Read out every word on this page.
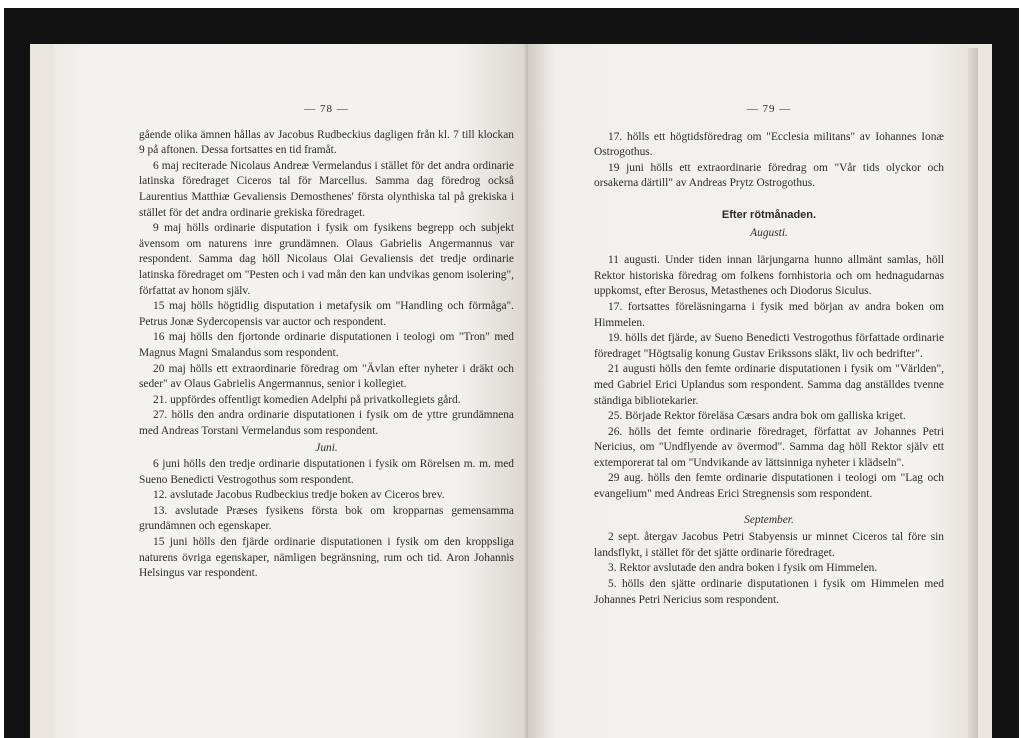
— 78 —

gående olika ämnen hållas av Jacobus Rudbeckius dagligen från kl. 7 till klockan 9 på aftonen. Dessa fortsattes en tid framåt.

6 maj reciterade Nicolaus Andreæ Vermelandus i stället för det andra ordinarie latinska föredraget Ciceros tal för Marcellus. Samma dag föredrog också Laurentius Matthiæ Gevaliensis Demosthenes' första olynthiska tal på grekiska i stället för det andra ordinarie grekiska föredraget.

9 maj hölls ordinarie disputation i fysik om fysikens begrepp och subjekt ävensom om naturens inre grundämnen. Olaus Gabrielis Angermannus var respondent. Samma dag höll Nicolaus Olai Gevaliensis det tredje ordinarie latinska föredraget om "Pesten och i vad mån den kan undvikas genom isolering", författat av honom själv.

15 maj hölls högtidlig disputation i metafysik om "Handling och förmåga". Petrus Jonæ Sydercopensis var auctor och respondent.

16 maj hölls den fjortonde ordinarie disputationen i teologi om "Tron" med Magnus Magni Smalandus som respondent.

20 maj hölls ett extraordinarie föredrag om "Ävlan efter nyheter i dräkt och seder" av Olaus Gabrielis Angermannus, senior i kollegiet.

21. uppfördes offentligt komedien Adelphi på privatkollegiets gård.

27. hölls den andra ordinarie disputationen i fysik om de yttre grundämnena med Andreas Torstani Vermelandus som respondent.

Juni.

6 juni hölls den tredje ordinarie disputationen i fysik om Rörelsen m. m. med Sueno Benedicti Vestrogothus som respondent.

12. avslutade Jacobus Rudbeckius tredje boken av Ciceros brev.

13. avslutade Præses fysikens första bok om kropparnas gemensamma grundämnen och egenskaper.

15 juni hölls den fjärde ordinarie disputationen i fysik om den kroppsliga naturens övriga egenskaper, nämligen begränsning, rum och tid. Aron Johannis Helsingus var respondent.

— 79 —

17. hölls ett högtidsföredrag om "Ecclesia militans" av Iohannes Ionæ Ostrogothus.

19 juni hölls ett extraordinarie föredrag om "Vår tids olyckor och orsakerna därtill" av Andreas Prytz Ostrogothus.

Efter rötmånaden.
Augusti.

11 augusti. Under tiden innan lärjungarna hunno allmänt samlas, höll Rektor historiska föredrag om folkens fornhistoria och om hednagudarnas uppkomst, efter Berosus, Metasthenes och Diodorus Siculus.

17. fortsattes föreläsningarna i fysik med början av andra boken om Himmelen.

19. hölls det fjärde, av Sueno Benedicti Vestrogothus författade ordinarie föredraget "Högtsalig konung Gustav Erikssons släkt, liv och bedrifter".

21 augusti hölls den femte ordinarie disputationen i fysik om "Världen", med Gabriel Erici Uplandus som respondent. Samma dag anställdes tvenne ständiga bibliotekarier.

25. Började Rektor föreläsa Cæsars andra bok om galliska kriget.

26. hölls det femte ordinarie föredraget, författat av Johannes Petri Nericius, om "Undflyende av övermod". Samma dag höll Rektor själv ett extemporerat tal om "Undvikande av lättsinniga nyheter i klädseln".

29 aug. hölls den femte ordinarie disputationen i teologi om "Lag och evangelium" med Andreas Erici Stregnensis som respondent.

September.

2 sept. återgav Jacobus Petri Stabyensis ur minnet Ciceros tal före sin landsflykt, i stället för det sjätte ordinarie föredraget.

3. Rektor avslutade den andra boken i fysik om Himmelen.

5. hölls den sjätte ordinarie disputationen i fysik om Himmelen med Johannes Petri Nericius som respondent.
